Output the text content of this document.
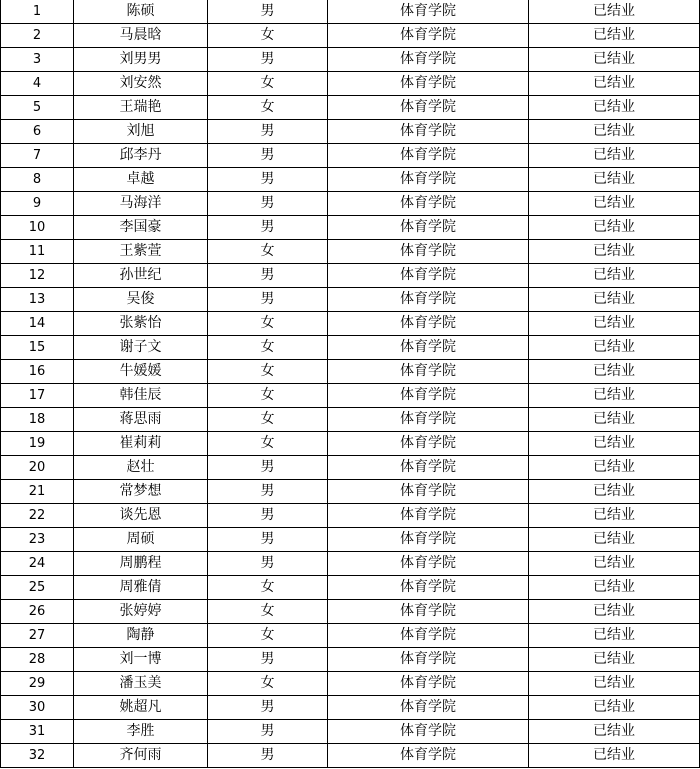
1	陈硕	男	体育学院	已结业
2	马晨晗	女	体育学院	已结业
3	刘男男	男	体育学院	已结业
4	刘安然	女	体育学院	已结业
5	王瑞艳	女	体育学院	已结业
6	刘旭	男	体育学院	已结业
7	邱李丹	男	体育学院	已结业
8	卓越	男	体育学院	已结业
9	马海洋	男	体育学院	已结业
10	李国豪	男	体育学院	已结业
11	王紫萱	女	体育学院	已结业
12	孙世纪	男	体育学院	已结业
13	吴俊	男	体育学院	已结业
14	张紫怡	女	体育学院	已结业
15	谢子文	女	体育学院	已结业
16	牛媛媛	女	体育学院	已结业
17	韩佳辰	女	体育学院	已结业
18	蒋思雨	女	体育学院	已结业
19	崔莉莉	女	体育学院	已结业
20	赵壮	男	体育学院	已结业
21	常梦想	男	体育学院	已结业
22	谈先恩	男	体育学院	已结业
23	周硕	男	体育学院	已结业
24	周鹏程	男	体育学院	已结业
25	周雅倩	女	体育学院	已结业
26	张婷婷	女	体育学院	已结业
27	陶静	女	体育学院	已结业
28	刘一博	男	体育学院	已结业
29	潘玉美	女	体育学院	已结业
30	姚超凡	男	体育学院	已结业
31	李胜	男	体育学院	已结业
32	齐何雨	男	体育学院	已结业
